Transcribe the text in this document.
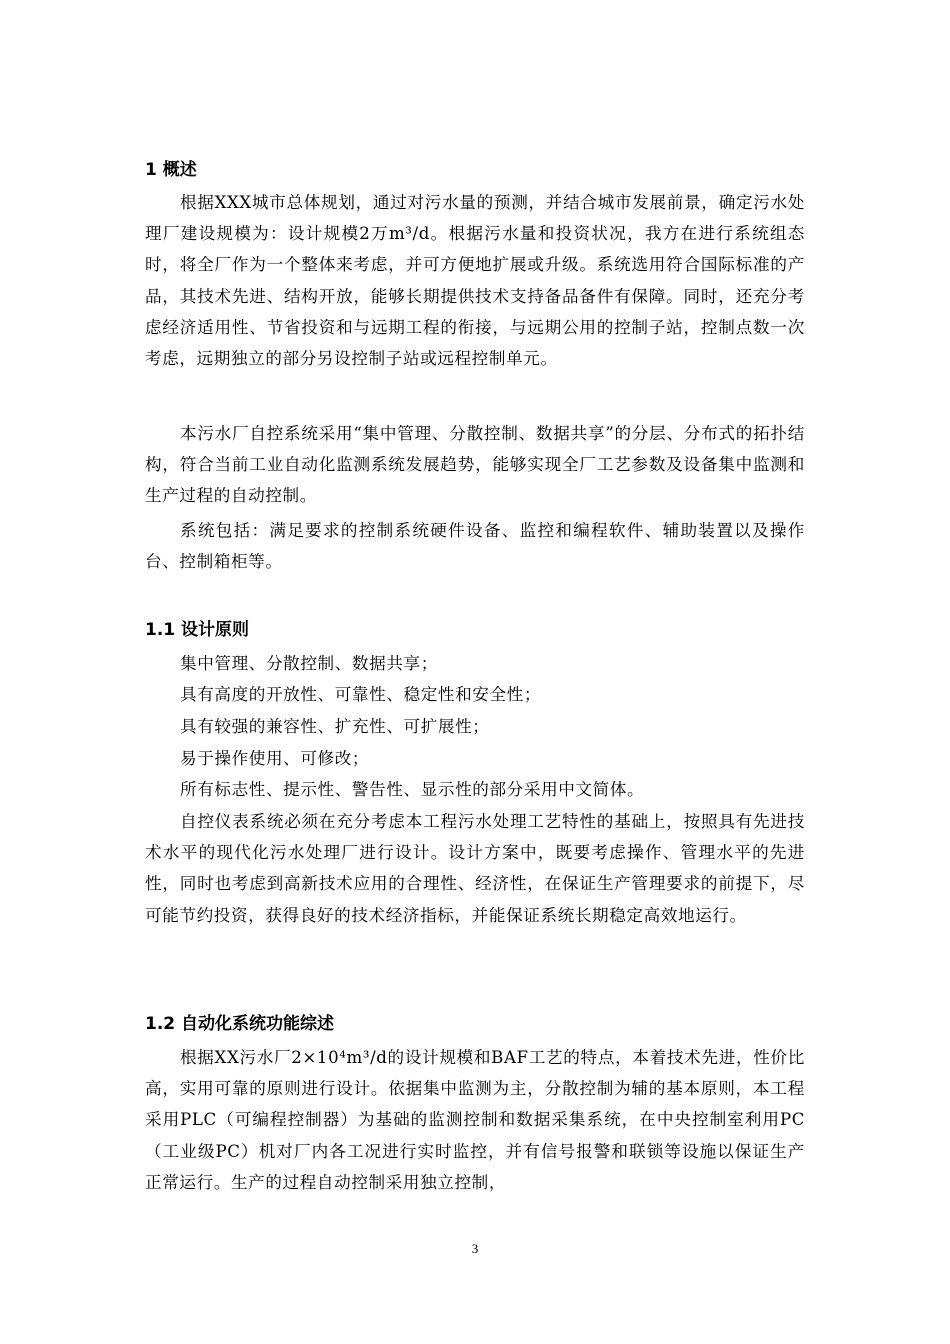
1 概述
根据XXX城市总体规划，通过对污水量的预测，并结合城市发展前景，确定污水处理厂建设规模为：设计规模2万m³/d。根据污水量和投资状况，我方在进行系统组态时，将全厂作为一个整体来考虑，并可方便地扩展或升级。系统选用符合国际标准的产品，其技术先进、结构开放，能够长期提供技术支持备品备件有保障。同时，还充分考虑经济适用性、节省投资和与远期工程的衔接，与远期公用的控制子站，控制点数一次考虑，远期独立的部分另设控制子站或远程控制单元。
本污水厂自控系统采用“集中管理、分散控制、数据共享”的分层、分布式的拓扑结构，符合当前工业自动化监测系统发展趋势，能够实现全厂工艺参数及设备集中监测和生产过程的自动控制。
系统包括：满足要求的控制系统硬件设备、监控和编程软件、辅助装置以及操作台、控制箱柜等。
1.1 设计原则
集中管理、分散控制、数据共享；
具有高度的开放性、可靠性、稳定性和安全性；
具有较强的兼容性、扩充性、可扩展性；
易于操作使用、可修改；
所有标志性、提示性、警告性、显示性的部分采用中文简体。
自控仪表系统必须在充分考虑本工程污水处理工艺特性的基础上，按照具有先进技术水平的现代化污水处理厂进行设计。设计方案中，既要考虑操作、管理水平的先进性，同时也考虑到高新技术应用的合理性、经济性，在保证生产管理要求的前提下，尽可能节约投资，获得良好的技术经济指标，并能保证系统长期稳定高效地运行。
1.2 自动化系统功能综述
根据XX污水厂2×10⁴m³/d的设计规模和BAF工艺的特点，本着技术先进，性价比高，实用可靠的原则进行设计。依据集中监测为主，分散控制为辅的基本原则，本工程采用PLC（可编程控制器）为基础的监测控制和数据采集系统，在中央控制室利用PC（工业级PC）机对厂内各工况进行实时监控，并有信号报警和联锁等设施以保证生产正常运行。生产的过程自动控制采用独立控制，
3
